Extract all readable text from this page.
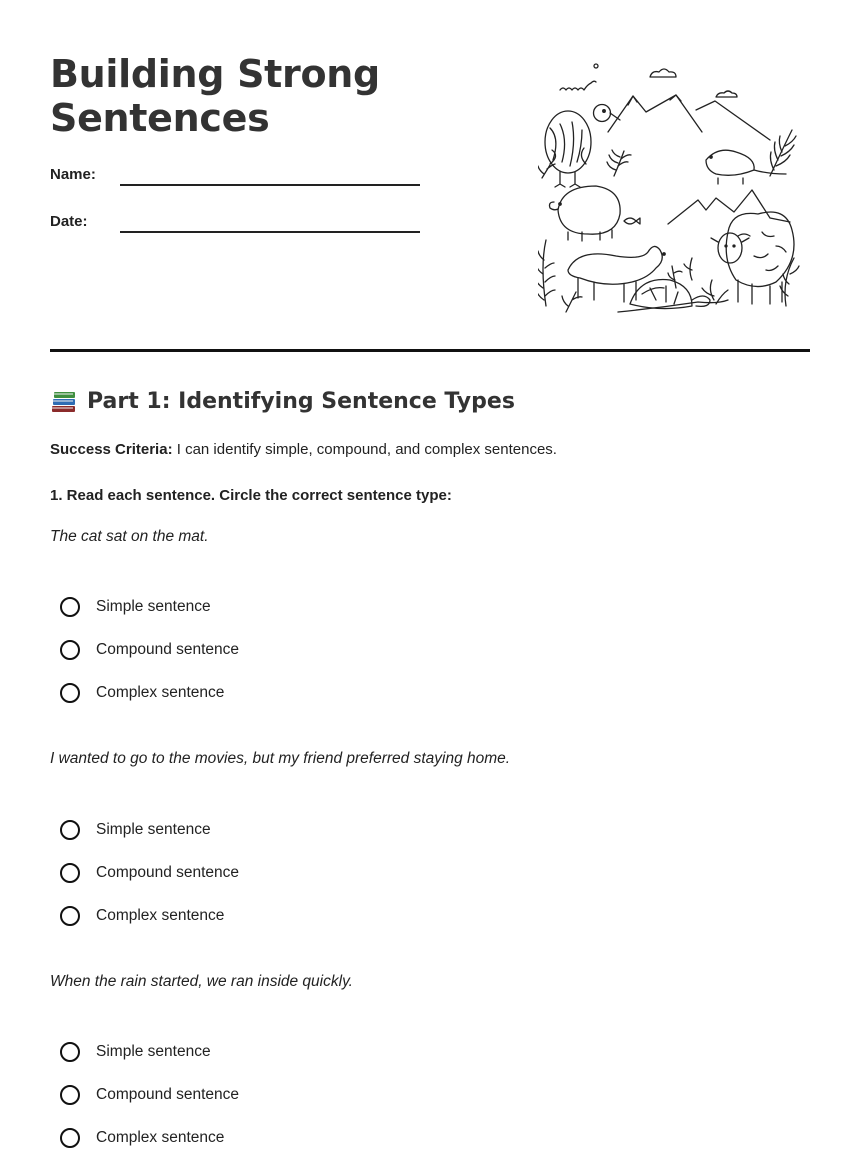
Building Strong
Sentences
Name:
Date:
Part 1: Identifying Sentence Types
Success Criteria: I can identify simple, compound, and complex sentences.
1. Read each sentence. Circle the correct sentence type:
The cat sat on the mat.
Simple sentence
Compound sentence
Complex sentence
I wanted to go to the movies, but my friend preferred staying home.
Simple sentence
Compound sentence
Complex sentence
When the rain started, we ran inside quickly.
Simple sentence
Compound sentence
Complex sentence
